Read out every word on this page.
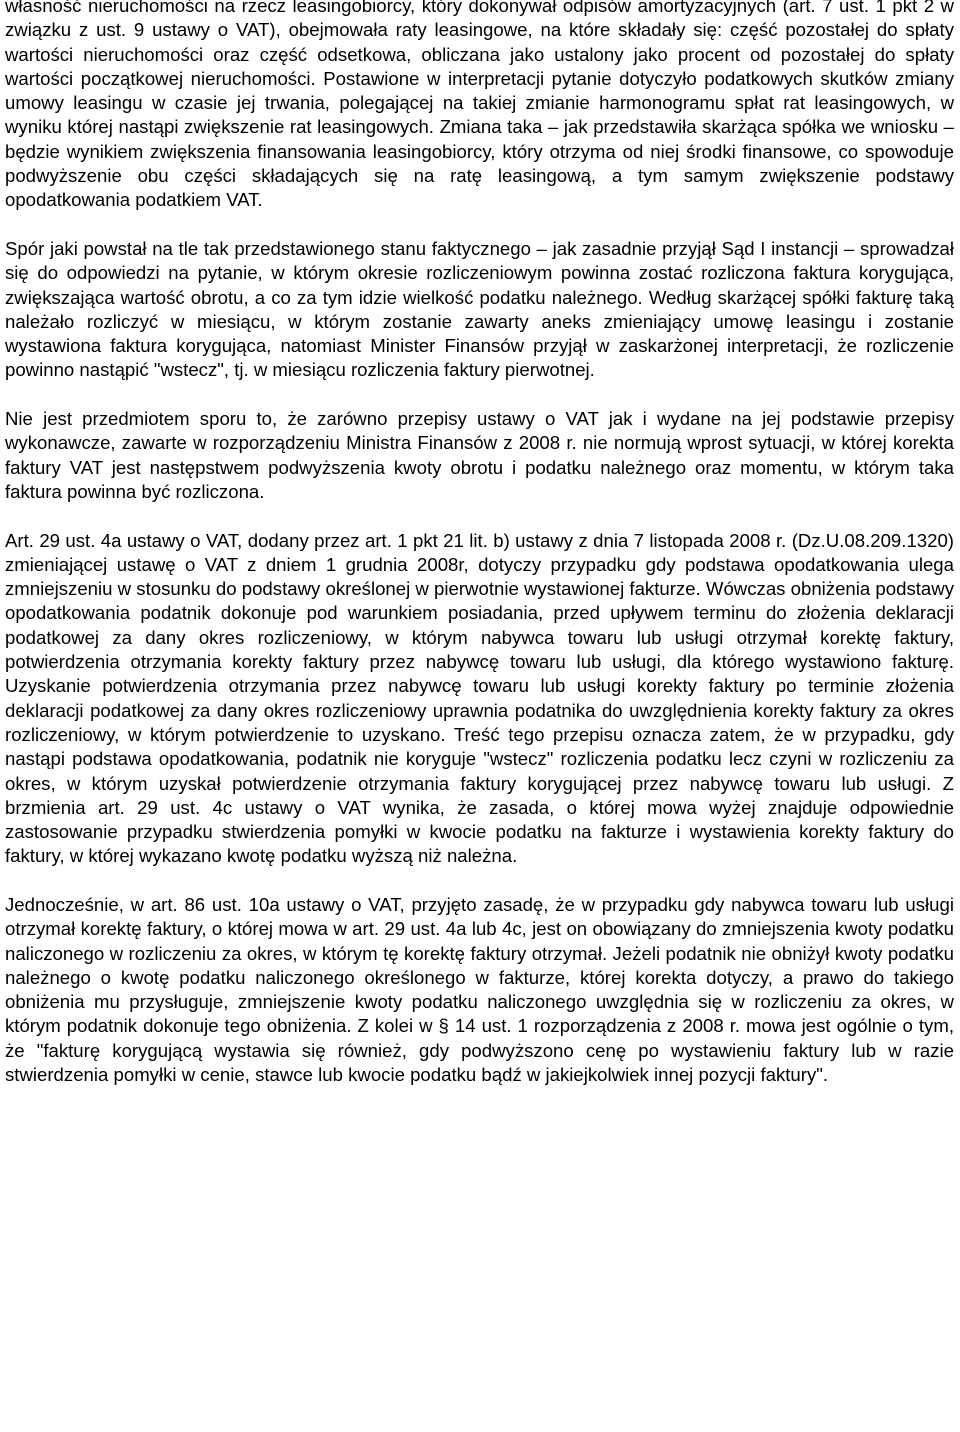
własność nieruchomości na rzecz leasingobiorcy, który dokonywał odpisów amortyzacyjnych (art. 7 ust. 1 pkt 2 w związku z ust. 9 ustawy o VAT), obejmowała raty leasingowe, na które składały się: część pozostałej do spłaty wartości nieruchomości oraz część odsetkowa, obliczana jako ustalony jako procent od pozostałej do spłaty wartości początkowej nieruchomości. Postawione w interpretacji pytanie dotyczyło podatkowych skutków zmiany umowy leasingu w czasie jej trwania, polegającej na takiej zmianie harmonogramu spłat rat leasingowych, w wyniku której nastąpi zwiększenie rat leasingowych. Zmiana taka – jak przedstawiła skarżąca spółka we wniosku – będzie wynikiem zwiększenia finansowania leasingobiorcy, który otrzyma od niej środki finansowe, co spowoduje podwyższenie obu części składających się na ratę leasingową, a tym samym zwiększenie podstawy opodatkowania podatkiem VAT.

Spór jaki powstał na tle tak przedstawionego stanu faktycznego – jak zasadnie przyjął Sąd I instancji – sprowadzał się do odpowiedzi na pytanie, w którym okresie rozliczeniowym powinna zostać rozliczona faktura korygująca, zwiększająca wartość obrotu, a co za tym idzie wielkość podatku należnego. Według skarżącej spółki fakturę taką należało rozliczyć w miesiącu, w którym zostanie zawarty aneks zmieniający umowę leasingu i zostanie wystawiona faktura korygująca, natomiast Minister Finansów przyjął w zaskarżonej interpretacji, że rozliczenie powinno nastąpić "wstecz", tj. w miesiącu rozliczenia faktury pierwotnej.

Nie jest przedmiotem sporu to, że zarówno przepisy ustawy o VAT jak i wydane na jej podstawie przepisy wykonawcze, zawarte w rozporządzeniu Ministra Finansów z 2008 r. nie normują wprost sytuacji, w której korekta faktury VAT jest następstwem podwyższenia kwoty obrotu i podatku należnego oraz momentu, w którym taka faktura powinna być rozliczona.

Art. 29 ust. 4a ustawy o VAT, dodany przez art. 1 pkt 21 lit. b) ustawy z dnia 7 listopada 2008 r. (Dz.U.08.209.1320) zmieniającej ustawę o VAT z dniem 1 grudnia 2008r, dotyczy przypadku gdy podstawa opodatkowania ulega zmniejszeniu w stosunku do podstawy określonej w pierwotnie wystawionej fakturze. Wówczas obniżenia podstawy opodatkowania podatnik dokonuje pod warunkiem posiadania, przed upływem terminu do złożenia deklaracji podatkowej za dany okres rozliczeniowy, w którym nabywca towaru lub usługi otrzymał korektę faktury, potwierdzenia otrzymania korekty faktury przez nabywcę towaru lub usługi, dla którego wystawiono fakturę. Uzyskanie potwierdzenia otrzymania przez nabywcę towaru lub usługi korekty faktury po terminie złożenia deklaracji podatkowej za dany okres rozliczeniowy uprawnia podatnika do uwzględnienia korekty faktury za okres rozliczeniowy, w którym potwierdzenie to uzyskano. Treść tego przepisu oznacza zatem, że w przypadku, gdy nastąpi podstawa opodatkowania, podatnik nie koryguje "wstecz" rozliczenia podatku lecz czyni w rozliczeniu za okres, w którym uzyskał potwierdzenie otrzymania faktury korygującej przez nabywcę towaru lub usługi. Z brzmienia art. 29 ust. 4c ustawy o VAT wynika, że zasada, o której mowa wyżej znajduje odpowiednie zastosowanie przypadku stwierdzenia pomyłki w kwocie podatku na fakturze i wystawienia korekty faktury do faktury, w której wykazano kwotę podatku wyższą niż należna.

Jednocześnie, w art. 86 ust. 10a ustawy o VAT, przyjęto zasadę, że w przypadku gdy nabywca towaru lub usługi otrzymał korektę faktury, o której mowa w art. 29 ust. 4a lub 4c, jest on obowiązany do zmniejszenia kwoty podatku naliczonego w rozliczeniu za okres, w którym tę korektę faktury otrzymał. Jeżeli podatnik nie obniżył kwoty podatku należnego o kwotę podatku naliczonego określonego w fakturze, której korekta dotyczy, a prawo do takiego obniżenia mu przysługuje, zmniejszenie kwoty podatku naliczonego uwzględnia się w rozliczeniu za okres, w którym podatnik dokonuje tego obniżenia. Z kolei w § 14 ust. 1 rozporządzenia z 2008 r. mowa jest ogólnie o tym, że "fakturę korygującą wystawia się również, gdy podwyższono cenę po wystawieniu faktury lub w razie stwierdzenia pomyłki w cenie, stawce lub kwocie podatku bądź w jakiejkolwiek innej pozycji faktury".
